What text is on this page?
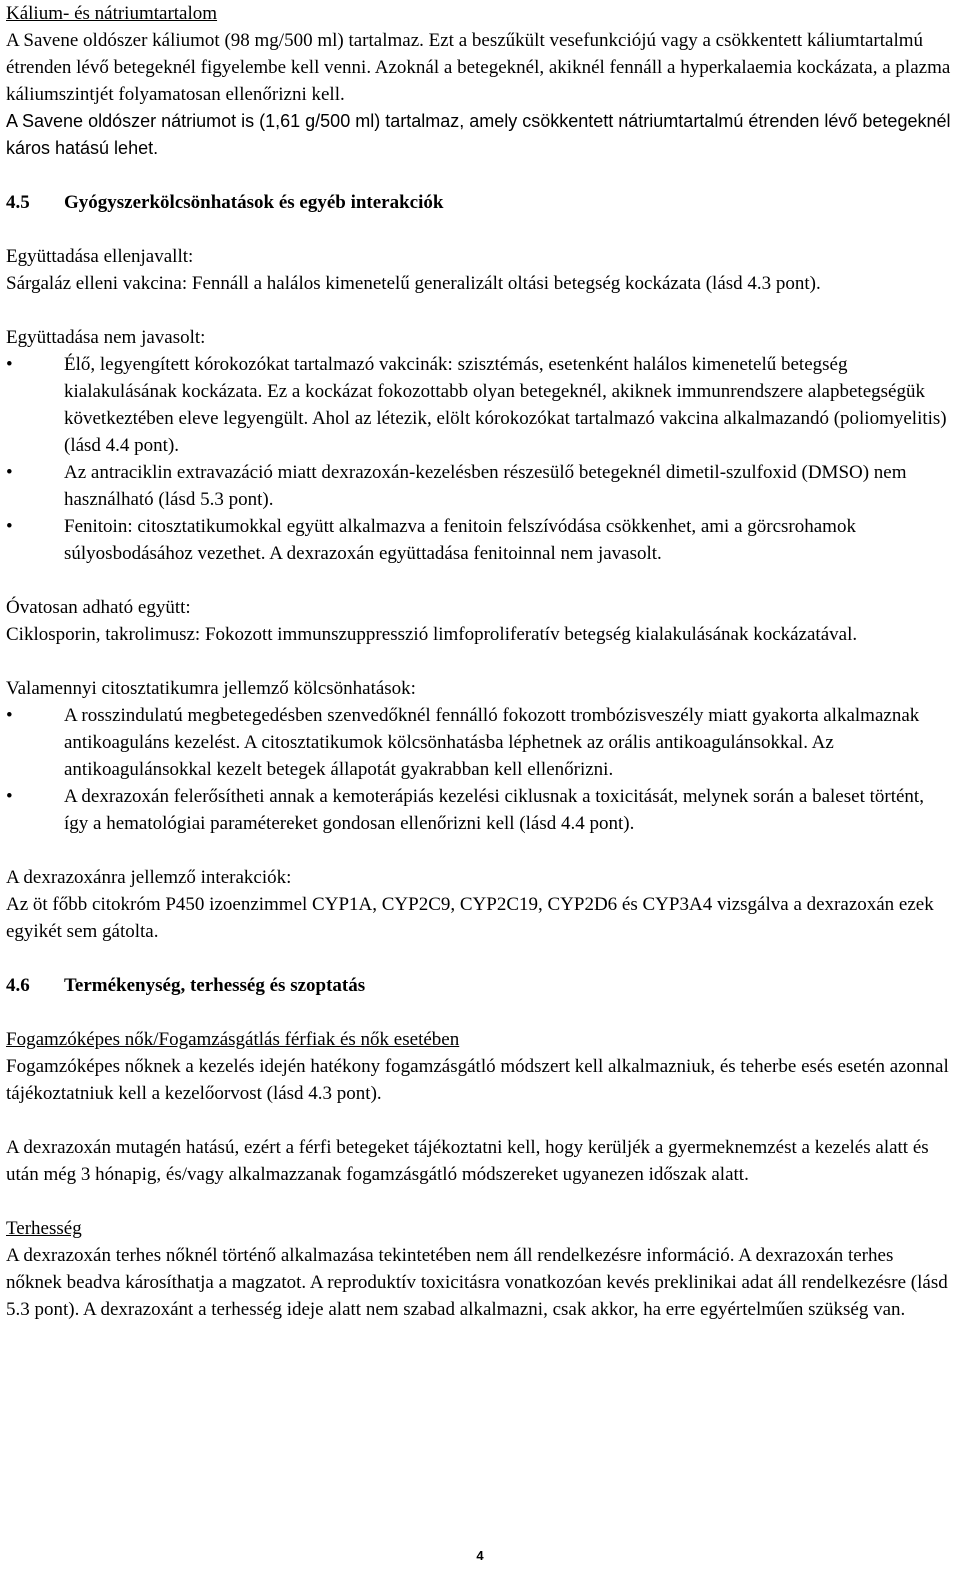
Kálium- és nátriumtartalom

A Savene oldószer káliumot (98 mg/500 ml) tartalmaz. Ezt a beszűkült vesefunkciójú vagy a csökkentett káliumtartalmú étrenden lévő betegeknél figyelembe kell venni. Azoknál a betegeknél, akiknél fennáll a hyperkalaemia kockázata, a plazma káliumszintjét folyamatosan ellenőrizni kell.

A Savene oldószer nátriumot is (1,61 g/500 ml) tartalmaz, amely csökkentett nátriumtartalmú étrenden lévő betegeknél káros hatású lehet.

4.5 Gyógyszerkölcsönhatások és egyéb interakciók

Együttadása ellenjavallt:

Sárgaláz elleni vakcina: Fennáll a halálos kimenetelű generalizált oltási betegség kockázata (lásd 4.3 pont).

Együttadása nem javasolt:

• Élő, legyengített kórokozókat tartalmazó vakcinák: szisztémás, esetenként halálos kimenetelű betegség kialakulásának kockázata. Ez a kockázat fokozottabb olyan betegeknél, akiknek immunrendszere alapbetegségük következtében eleve legyengült. Ahol az létezik, elölt kórokozókat tartalmazó vakcina alkalmazandó (poliomyelitis) (lásd 4.4 pont).
• Az antraciklin extravazáció miatt dexrazoxán-kezelésben részesülő betegeknél dimetil-szulfoxid (DMSO) nem használható (lásd 5.3 pont).
• Fenitoin: citosztatikumokkal együtt alkalmazva a fenitoin felszívódása csökkenhet, ami a görcsrohamok súlyosbodásához vezethet. A dexrazoxán együttadása fenitoinnal nem javasolt.

Óvatosan adható együtt:

Ciklosporin, takrolimusz: Fokozott immunszuppresszió limfoproliferatív betegség kialakulásának kockázatával.

Valamennyi citosztatikumra jellemző kölcsönhatások:

• A rosszindulatú megbetegedésben szenvedőknél fennálló fokozott trombózisveszély miatt gyakorta alkalmaznak antikoaguláns kezelést. A citosztatikumok kölcsönhatásba léphetnek az orális antikoagulánsokkal. Az antikoagulánsokkal kezelt betegek állapotát gyakrabban kell ellenőrizni.
• A dexrazoxán felerősítheti annak a kemoterápiás kezelési ciklusnak a toxicitását, melynek során a baleset történt, így a hematológiai paramétereket gondosan ellenőrizni kell (lásd 4.4 pont).

A dexrazoxánra jellemző interakciók:

Az öt főbb citokróm P450 izoenzimmel CYP1A, CYP2C9, CYP2C19, CYP2D6 és CYP3A4 vizsgálva a dexrazoxán ezek egyikét sem gátolta.

4.6 Termékenység, terhesség és szoptatás

Fogamzóképes nők/Fogamzásgátlás férfiak és nők esetében

Fogamzóképes nőknek a kezelés idején hatékony fogamzásgátló módszert kell alkalmazniuk, és teherbe esés esetén azonnal tájékoztatniuk kell a kezelőorvost (lásd 4.3 pont).

A dexrazoxán mutagén hatású, ezért a férfi betegeket tájékoztatni kell, hogy kerüljék a gyermeknemzést a kezelés alatt és után még 3 hónapig, és/vagy alkalmazzanak fogamzásgátló módszereket ugyanezen időszak alatt.

Terhesség

A dexrazoxán terhes nőknél történő alkalmazása tekintetében nem áll rendelkezésre információ. A dexrazoxán terhes nőknek beadva károsíthatja a magzatot. A reproduktív toxicitásra vonatkozóan kevés preklinikai adat áll rendelkezésre (lásd 5.3 pont). A dexrazoxánt a terhesség ideje alatt nem szabad alkalmazni, csak akkor, ha erre egyértelműen szükség van.

4
